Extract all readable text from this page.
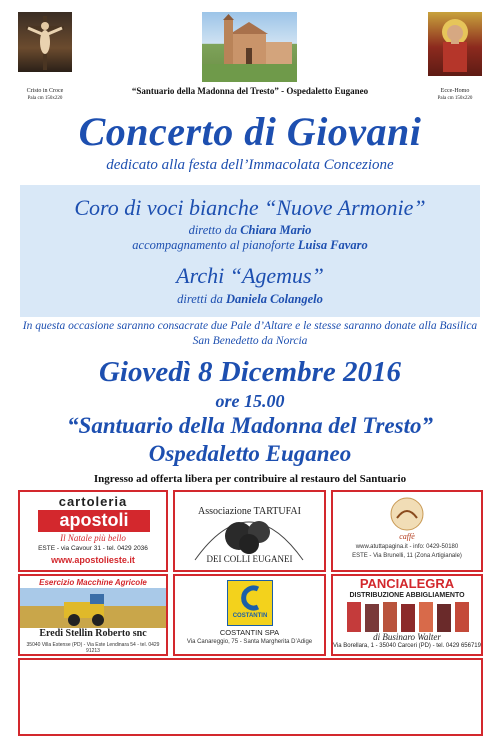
Cristo in Croce
Pala cm 150x220
Ecce-Homo
Pala cm 150x220
“Santuario della Madonna del Tresto” - Ospedaletto Euganeo
Concerto di Giovani
dedicato alla festa dell’Immacolata Concezione
Coro di voci bianche “Nuove Armonie”
diretto da Chiara Mario
accompagnamento al pianoforte Luisa Favaro
Archi “Agemus”
diretti da Daniela Colangelo
In questa occasione saranno consacrate due Pale d’Altare e le stesse saranno donate alla Basilica San Benedetto da Norcia
Giovedì 8 Dicembre 2016
ore 15.00
“Santuario della Madonna del Tresto”
Ospedaletto Euganeo
Ingresso ad offerta libera per contribuire al restauro del Santuario
cartoleria
apostoli
Il Natale più bello
ESTE - via Cavour 31 - tel. 0429 2036
www.apostolieste.it
Associazione TARTUFAI
DEI COLLI EUGANEI
caffè
www.atuttapagina.it - info: 0429-50180
ESTE - Via Brunelli, 11 (Zona Artigianale)
Esercizio Macchine Agricole
Eredi Stellin Roberto snc
35040 Villa Estense (PD) - Via Este Lendinara 54 - tel. 0429 91213
COSTANTIN
COSTANTIN SPA
Via Canareggio, 75 - Santa Margherita D’Adige
PANCIALEGRA
DISTRIBUZIONE ABBIGLIAMENTO
di Businaro Walter
Via Borellara, 1 - 35040 Carceri (PD) - tel. 0429 656719
